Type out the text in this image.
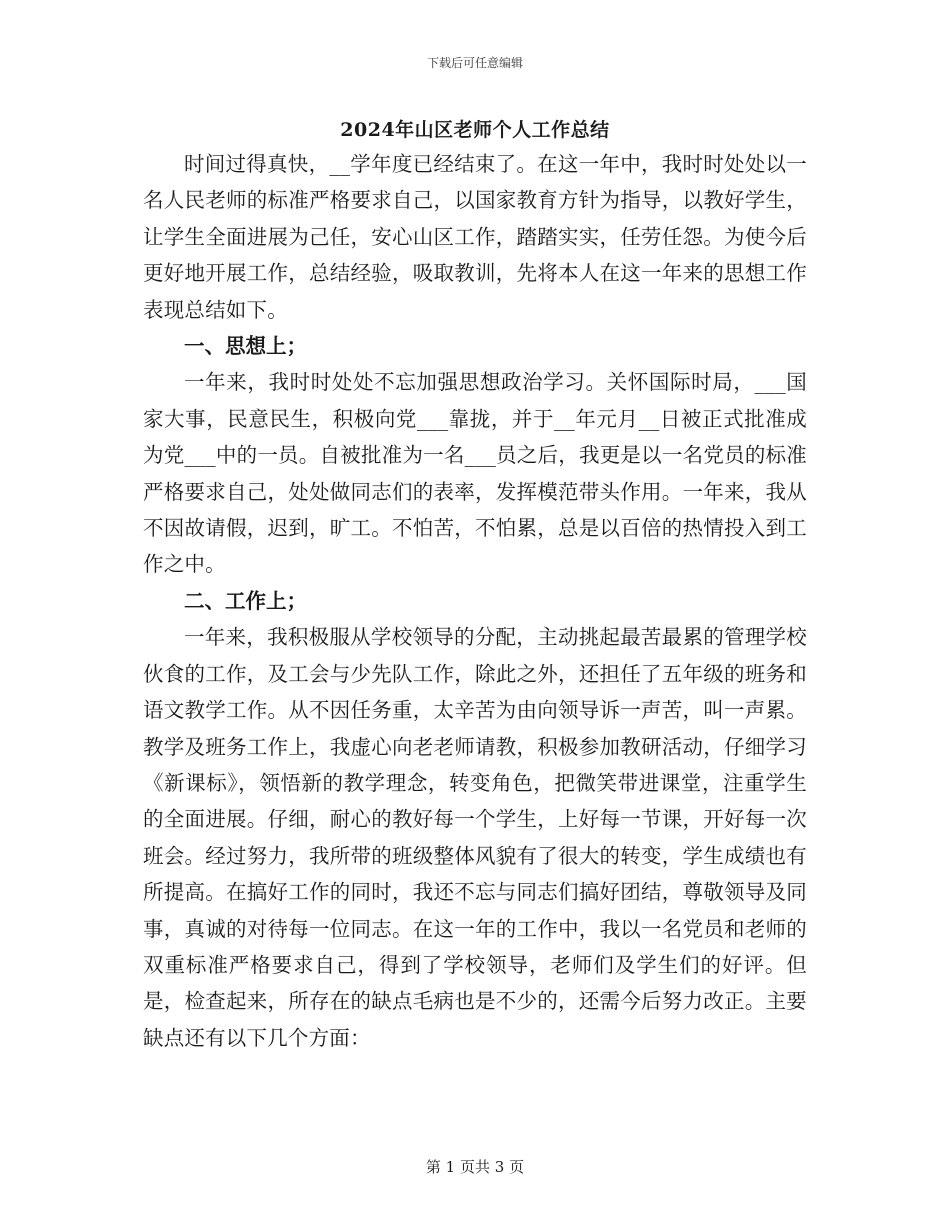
下载后可任意编辑
2024年山区老师个人工作总结

时间过得真快，__学年度已经结束了。在这一年中，我时时处处以一名人民老师的标准严格要求自己，以国家教育方针为指导，以教好学生，让学生全面进展为己任，安心山区工作，踏踏实实，任劳任怨。为使今后更好地开展工作，总结经验，吸取教训，先将本人在这一年来的思想工作表现总结如下。

一、思想上；

一年来，我时时处处不忘加强思想政治学习。关怀国际时局，___国家大事，民意民生，积极向党___靠拢，并于__年元月__日被正式批准成为党___中的一员。自被批准为一名___员之后，我更是以一名党员的标准严格要求自己，处处做同志们的表率，发挥模范带头作用。一年来，我从不因故请假，迟到，旷工。不怕苦，不怕累，总是以百倍的热情投入到工作之中。

二、工作上；

一年来，我积极服从学校领导的分配，主动挑起最苦最累的管理学校伙食的工作，及工会与少先队工作，除此之外，还担任了五年级的班务和语文教学工作。从不因任务重，太辛苦为由向领导诉一声苦，叫一声累。教学及班务工作上，我虚心向老老师请教，积极参加教研活动，仔细学习《新课标》，领悟新的教学理念，转变角色，把微笑带进课堂，注重学生的全面进展。仔细，耐心的教好每一个学生，上好每一节课，开好每一次班会。经过努力，我所带的班级整体风貌有了很大的转变，学生成绩也有所提高。在搞好工作的同时，我还不忘与同志们搞好团结，尊敬领导及同事，真诚的对待每一位同志。在这一年的工作中，我以一名党员和老师的双重标准严格要求自己，得到了学校领导，老师们及学生们的好评。但是，检查起来，所存在的缺点毛病也是不少的，还需今后努力改正。主要缺点还有以下几个方面：

第 1 页共 3 页
